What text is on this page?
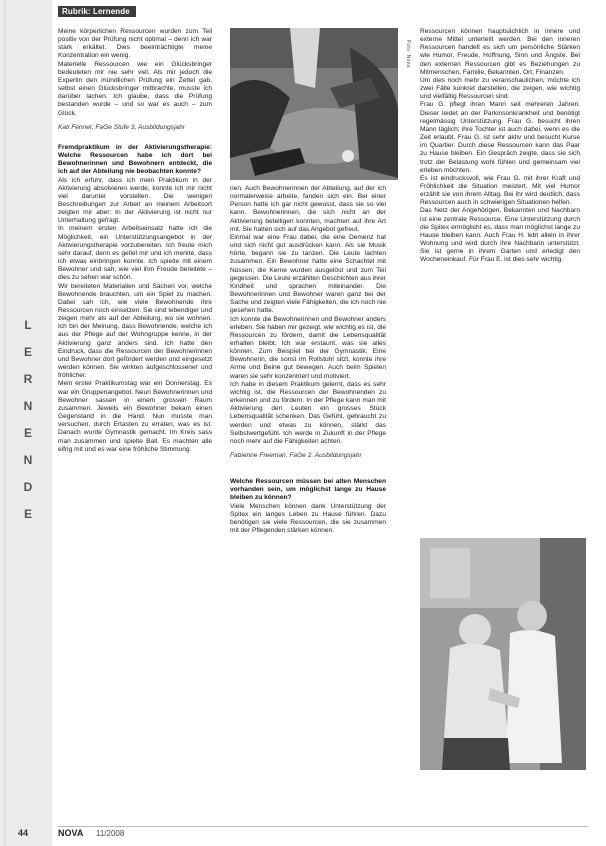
L
E
R
N
E
N
D
E
Rubrik: Lernende

Meine körperlichen Ressourcen wurden zum Teil positiv von der Prüfung nicht optimal – denn ich war stark erkältet. Dies beeinträchtigte meine Konzentration ein wenig.

Materielle Ressourcen wie ein Glücksbringer bedeuteten mir nie sehr viel. Als mir jedoch die Expertin den mündlichen Prüfung ein Zettel gab, selbst einen Glücksbringer mitbrachte, musste ich darüber lachen. Ich glaube, dass die Prüfung bestanden wurde – und so war es auch – zum Glück.

Kati Fenner, FaGe Stufe 3, Ausbildungsjahr

Fremdpraktikum in der Aktivierungstherapie: Welche Ressourcen habe ich dort bei Bewohnerinnen und Bewohnern entdeckt, die ich auf der Abteilung nie beobachten konnte?

Als ich erfuhr, dass ich mein Praktikum in der Aktivierung absolvieren werde, konnte ich mir nicht viel darunter vorstellen. Die wenigen Beschreibungen zur Arbeit an meinem Arbeitsort zeigten mir aber: In der Aktivierung ist nicht nur Unterhaltung gefragt.

In meinem ersten Arbeitseinsatz hatte ich die Möglichkeit, ein Unterstützungsangebot in der Aktivierungstherapie vorzubereiten. Ich freute mich sehr darauf, denn es gefiel mir und ich merkte, dass ich etwas einbringen konnte. Ich spielte mit einem Bewohner und sah, wie viel ihm Freude bereitete – dies zu sehen war schön.

Wir bereiteten Materialien und Sachen vor, welche Bewohnende brauchten, um ein Spiel zu machen. Dabei sah ich, wie viele Bewohnende ihre Ressourcen noch einsetzen. Sie sind lebendiger und zeigen mehr als auf der Abteilung, wo sie wohnen. Ich bin der Meinung, dass Bewohnende, welche ich aus der Pflege auf der Wohngruppe kenne, in der Aktivierung ganz anders sind. Ich hatte den Eindruck, dass die Ressourcen der Bewohnerinnen und Bewohner dort gefördert werden und eingesetzt werden können. Sie wirkten aufgeschlossener und fröhlicher.

Mein erster Praktikumstag war ein Donnerstag. Es war ein Gruppenangebot. Neun Bewohnerinnen und Bewohner sassen in einem grossen Raum zusammen. Jeweils ein Bewohner bekam einen Gegenstand in die Hand. Nun musste man versuchen, durch Ertasten zu erraten, was es ist. Danach wurde Gymnastik gemacht. Im Kreis sass man zusammen und spielte Ball. Es machten alle eifrig mit und es war eine fröhliche Stimmung.

Foto: Nova

nen. Auch Bewohnerinnen der Abteilung, auf der ich normalerweise arbeite, fanden sich ein. Bei einer Person hatte ich gar nicht gewusst, dass sie so viel kann. Bewohnerinnen, die sich nicht an der Aktivierung beteiligen konnten, machten auf ihre Art mit. Sie hatten sich auf das Angebot gefreut.

Einmal war eine Frau dabei, die eine Demenz hat und sich nicht gut ausdrücken kann. Als sie Musik hörte, begann sie zu tanzen. Die Leute lachten zusammen. Ein Bewohner hatte eine Schachtel mit Nüssen; die Kerne wurden ausgelöst und zum Teil gegessen. Die Leute erzählten Geschichten aus ihrer Kindheit und sprachen miteinander. Die Bewohnerinnen und Bewohner waren ganz bei der Sache und zeigten viele Fähigkeiten, die ich noch nie gesehen hatte.

Ich konnte die Bewohnerinnen und Bewohner anders erleben. Sie haben mir gezeigt, wie wichtig es ist, die Ressourcen zu fördern, damit die Lebensqualität erhalten bleibt. Ich war erstaunt, was sie alles können. Zum Beispiel bei der Gymnastik: Eine Bewohnerin, die sonst im Rollstuhl sitzt, konnte ihre Arme und Beine gut bewegen. Auch beim Spielen waren sie sehr konzentriert und motiviert.

Ich habe in diesem Praktikum gelernt, dass es sehr wichtig ist, die Ressourcen der Bewohnenden zu erkennen und zu fördern. In der Pflege kann man mit Aktivierung den Leuten ein grosses Stück Lebensqualität schenken. Das Gefühl, gebraucht zu werden und etwas zu können, stärkt das Selbstwertgefühl. Ich werde in Zukunft in der Pflege noch mehr auf die Fähigkeiten achten.

Fabienne Freeman, FaGe 2. Ausbildungsjahr

Welche Ressourcen müssen bei alten Menschen vorhanden sein, um möglichst lange zu Hause bleiben zu können?

Viele Menschen können dank Unterstützung der Spitex ein langes Leben zu Hause führen. Dazu benötigen sie viele Ressourcen, die sie zusammen mit der Pflegenden stärken können.

Ressourcen können hauptsächlich in innere und externe Mittel unterteilt werden. Bei den inneren Ressourcen handelt es sich um persönliche Stärken wie Humor, Freude, Hoffnung, Sinn und Ängste. Bei den externen Ressourcen gibt es Beziehungen zu Mitmenschen, Familie, Bekannten, Ort, Finanzen.

Um dies noch mehr zu veranschaulichen, möchte ich zwei Fälle konkret darstellen, die zeigen, wie wichtig und vielfältig Ressourcen sind.

Frau G. pflegt ihren Mann seit mehreren Jahren. Dieser leidet an der Parkinsonkrankheit und benötigt regelmässig Unterstützung. Frau G. besucht ihren Mann täglich; ihre Tochter ist auch dabei, wenn es die Zeit erlaubt. Frau G. ist sehr aktiv und besucht Kurse im Quartier. Durch diese Ressourcen kann das Paar zu Hause bleiben. Ein Gespräch zeigte, dass sie sich trotz der Belastung wohl fühlen und gemeinsam viel erleben möchten.

Es ist eindrucksvoll, wie Frau G. mit ihrer Kraft und Fröhlichkeit die Situation meistert. Mit viel Humor erzählt sie von ihrem Alltag. Bei ihr wird deutlich, dass Ressourcen auch in schwierigen Situationen helfen.

Das Netz der Angehörigen, Bekannten und Nachbarn ist eine zentrale Ressource. Eine Unterstützung durch die Spitex ermöglicht es, dass man möglichst lange zu Hause bleiben kann. Auch Frau H. lebt allein in ihrer Wohnung und wird durch ihre Nachbarin unterstützt. Sie ist gerne in ihrem Garten und erledigt den Wocheneinkauf. Für Frau E. ist dies sehr wichtig.

44	NOVA 11/2008
